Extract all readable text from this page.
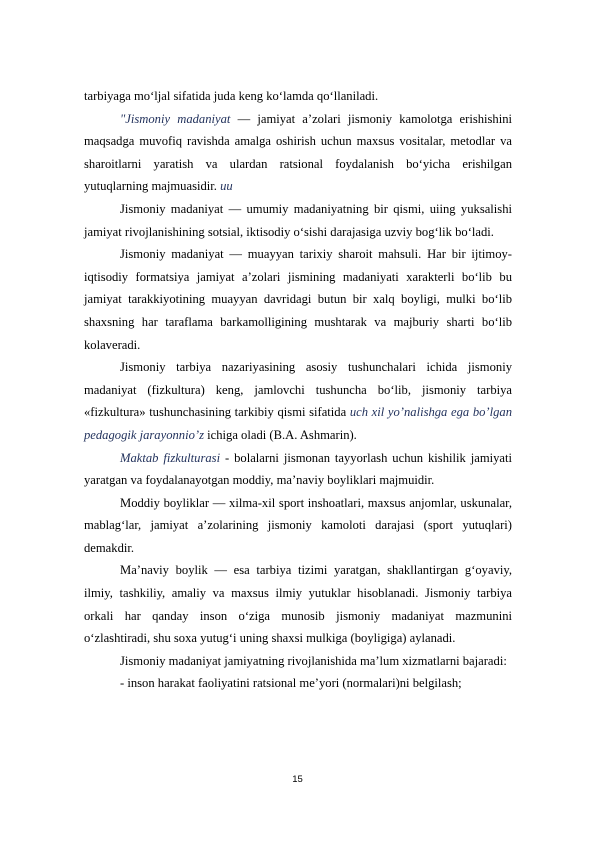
tarbiyaga mo‘ljal sifatida juda keng ko‘lamda qo‘llaniladi.

"Jismoniy madaniyat — jamiyat a’zolari jismoniy kamolotga erishishini maqsadga muvofiq ravishda amalga oshirish uchun maxsus vositalar, metodlar va sharoitlarni yaratish va ulardan ratsional foydalanish bo‘yicha erishilgan yutuqlarning majmuasidir. uu

Jismoniy madaniyat — umumiy madaniyatning bir qismi, uiing yuksalishi jamiyat rivojlanishining sotsial, iktisodiy o‘sishi darajasiga uzviy bog‘lik bo‘ladi.

Jismoniy madaniyat — muayyan tarixiy sharoit mahsuli. Har bir ijtimoy-iqtisodiy formatsiya jamiyat a’zolari jismining madaniyati xarakterli bo‘lib bu jamiyat tarakkiyotining muayyan davridagi butun bir xalq boyligi, mulki bo‘lib shaxsning har taraflama barkamolligining mushtarak va majburiy sharti bo‘lib kolaveradi.

Jismoniy tarbiya nazariyasining asosiy tushunchalari ichida jismoniy madaniyat (fizkultura) keng, jamlovchi tushuncha bo‘lib, jismoniy tarbiya «fizkultura» tushunchasining tarkibiy qismi sifatida uch xil yo’nalishga ega bo’lgan pedagogik jarayonnio’z ichiga oladi (B.A. Ashmarin).

Maktab fizkulturasi - bolalarni jismonan tayyorlash uchun kishilik jamiyati yaratgan va foydalanayotgan moddiy, ma’naviy boyliklari majmuidir.

Moddiy boyliklar — xilma-xil sport inshoatlari, maxsus anjomlar, uskunalar, mablag‘lar, jamiyat a’zolarining jismoniy kamoloti darajasi (sport yutuqlari) demakdir.

Ma’naviy boylik — esa tarbiya tizimi yaratgan, shakllantirgan g‘oyaviy, ilmiy, tashkiliy, amaliy va maxsus ilmiy yutuklar hisoblanadi. Jismoniy tarbiya orkali har qanday inson o‘ziga munosib jismoniy madaniyat mazmunini o‘zlashtiradi, shu soxa yutug‘i uning shaxsi mulkiga (boyligiga) aylanadi.

Jismoniy madaniyat jamiyatning rivojlanishida ma’lum xizmatlarni bajaradi:

- inson harakat faoliyatini ratsional me’yori (normalari)ni belgilash;

15
